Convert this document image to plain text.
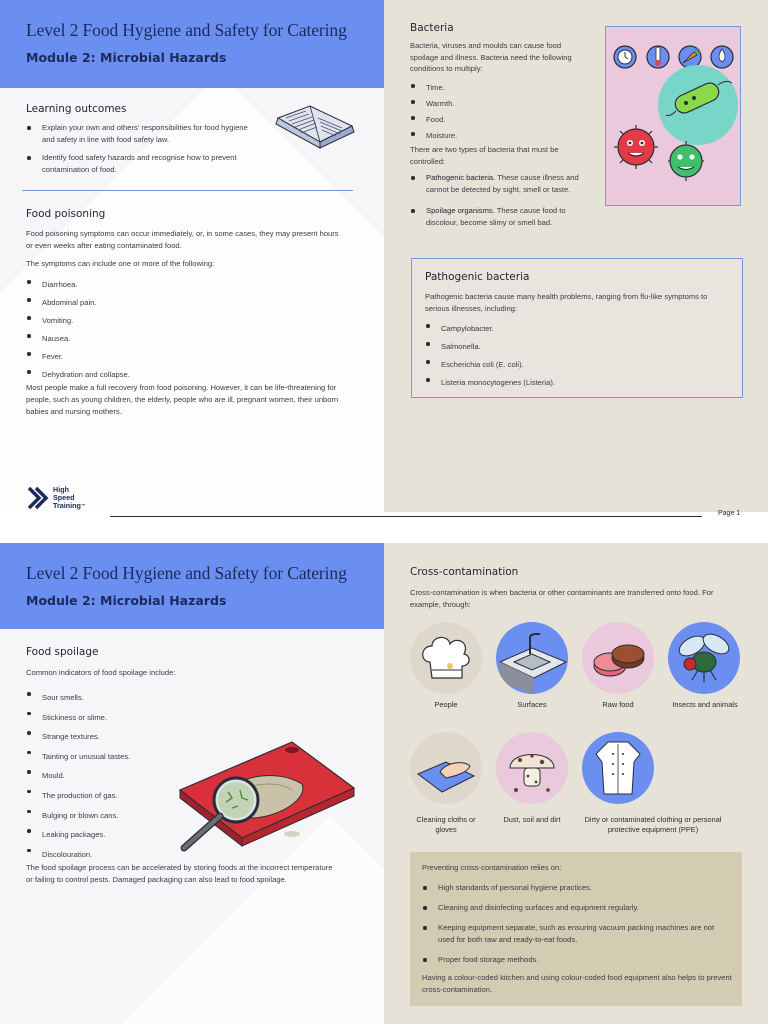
Level 2 Food Hygiene and Safety for Catering
Module 2: Microbial Hazards
Learning outcomes
Explain your own and others' responsibilities for food hygiene and safety in line with food safety law.
Identify food safety hazards and recognise how to prevent contamination of food.
Food poisoning
Food poisoning symptoms can occur immediately, or, in some cases, they may present hours or even weeks after eating contaminated food.
The symptoms can include one or more of the following:
Diarrhoea.
Abdominal pain.
Vomiting.
Nausea.
Fever.
Dehydration and collapse.
Most people make a full recovery from food poisoning. However, it can be life-threatening for people, such as young children, the elderly, people who are ill, pregnant women, their unborn babies and nursing mothers.
High
Speed
Training™
Bacteria
Bacteria, viruses and moulds can cause food spoilage and illness. Bacteria need the following conditions to multiply:
Time.
Warmth.
Food.
Moisture.
There are two types of bacteria that must be controlled:
Pathogenic bacteria. These cause illness and cannot be detected by sight, smell or taste.
Spoilage organisms. These cause food to discolour, become slimy or smell bad.
Pathogenic bacteria
Pathogenic bacteria cause many health problems, ranging from flu-like symptoms to serious illnesses, including:
Campylobacter.
Salmonella.
Escherichia coli (E. coli).
Listeria monocytogenes (Listeria).
Page 1
Level 2 Food Hygiene and Safety for Catering
Module 2: Microbial Hazards
Food spoilage
Common indicators of food spoilage include:
Sour smells.
Stickiness or slime.
Strange textures.
Tainting or unusual tastes.
Mould.
The production of gas.
Bulging or blown cans.
Leaking packages.
Discolouration.
The food spoilage process can be accelerated by storing foods at the incorrect temperature or failing to control pests. Damaged packaging can also lead to food spoilage.
Cross-contamination
Cross-contamination is when bacteria or other contaminants are transferred onto food. For example, through:
People	Surfaces	Raw food	Insects and animals
Cleaning cloths or gloves
Dust, soil and dirt	Dirty or contaminated clothing or personal protective equipment (PPE)
Preventing cross-contamination relies on:
High standards of personal hygiene practices.
Cleaning and disinfecting surfaces and equipment regularly.
Keeping equipment separate, such as ensuring vacuum packing machines are not used for both raw and ready-to-eat foods.
Proper food storage methods.
Having a colour-coded kitchen and using colour-coded food equipment also helps to prevent cross-contamination.
